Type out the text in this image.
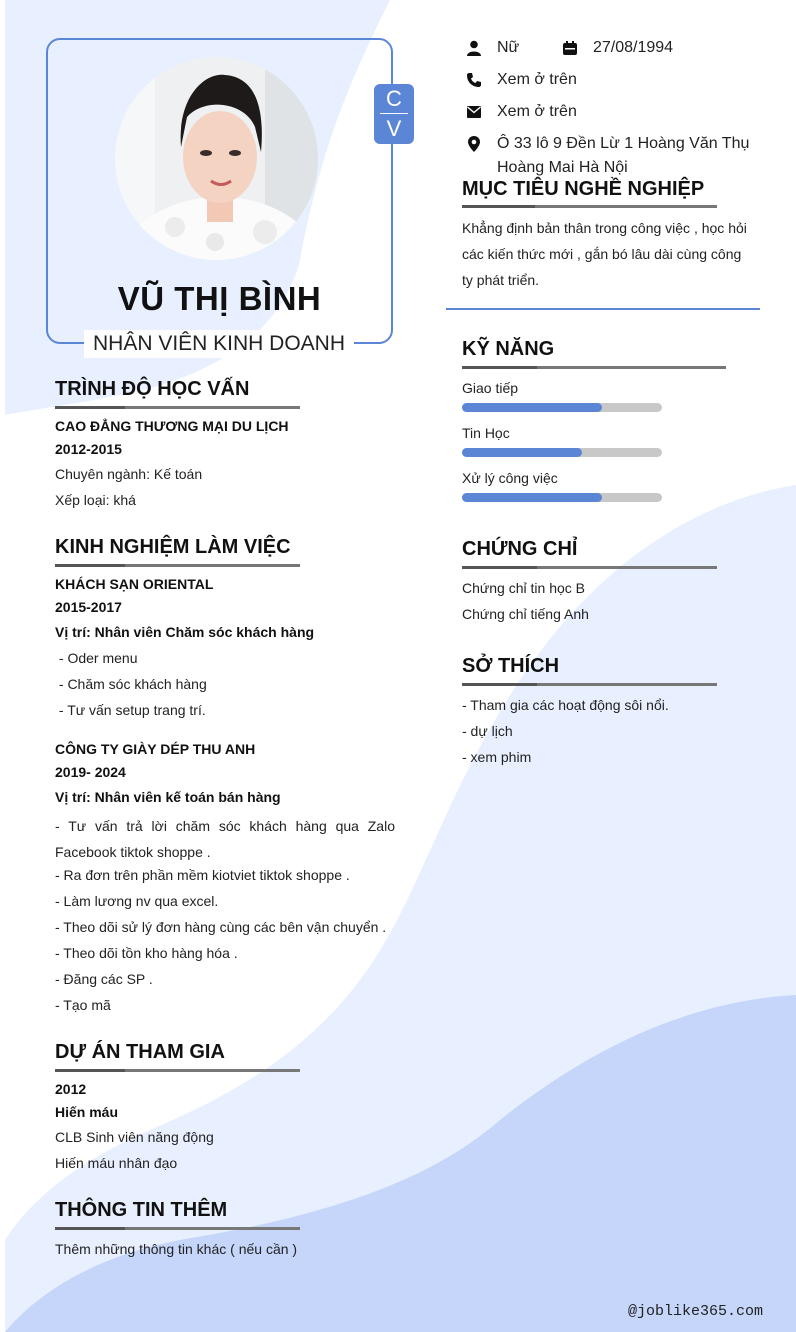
C
V
VŨ THỊ BÌNH
NHÂN VIÊN KINH DOANH
Nữ	27/08/1994
Xem ở trên
Xem ở trên
Ô 33 lô 9 Đền Lừ 1 Hoàng Văn Thụ
Hoàng Mai Hà Nội
MỤC TIÊU NGHỀ NGHIỆP
Khẳng định bản thân trong công việc , học hỏi
các kiến thức mới , gắn bó lâu dài cùng công
ty phát triển.
KỸ NĂNG
Giao tiếp
Tin Học
Xử lý công việc
CHỨNG CHỈ
Chứng chỉ tin học B
Chứng chỉ tiếng Anh
SỞ THÍCH
- Tham gia các hoạt động sôi nổi.
- dự lịch
- xem phim
TRÌNH ĐỘ HỌC VẤN
CAO ĐẲNG THƯƠNG MẠI DU LỊCH
2012-2015
Chuyên ngành: Kế toán
Xếp loại: khá
KINH NGHIỆM LÀM VIỆC
KHÁCH SẠN ORIENTAL
2015-2017
Vị trí: Nhân viên Chăm sóc khách hàng
- Oder menu
- Chăm sóc khách hàng
- Tư vấn setup trang trí.
CÔNG TY GIÀY DÉP THU ANH
2019- 2024
Vị trí: Nhân viên kế toán bán hàng
- Tư vấn trả lời chăm sóc khách hàng qua Zalo Facebook tiktok shoppe .
- Ra đơn trên phần mềm kiotviet tiktok shoppe .
- Làm lương nv qua excel.
- Theo dõi sử lý đơn hàng cùng các bên vận chuyển .
- Theo dõi tồn kho hàng hóa .
- Đăng các SP .
- Tạo mã
DỰ ÁN THAM GIA
2012
Hiến máu
CLB Sinh viên năng động
Hiến máu nhân đạo
THÔNG TIN THÊM
Thêm những thông tin khác ( nếu cần )
@joblike365.com
